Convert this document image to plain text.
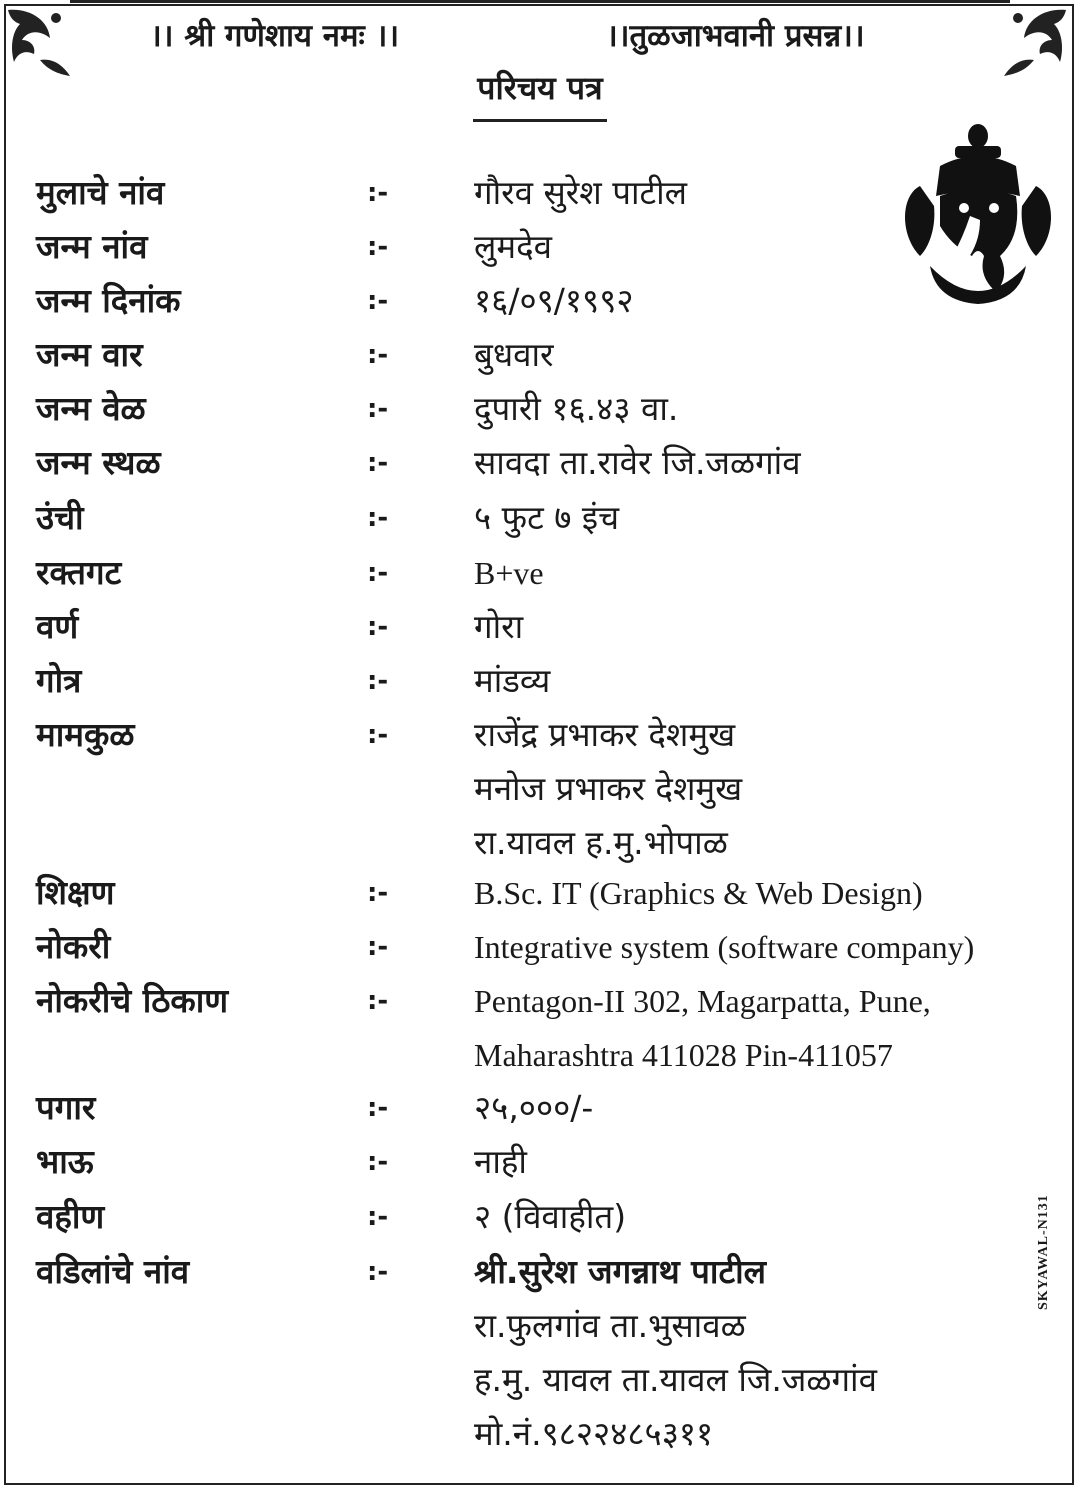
।। श्री गणेशाय नमः ।।	।।तुळजाभवानी प्रसन्न।।
परिचय पत्र
मुलाचे नांव	:-	गौरव सुरेश पाटील
जन्म नांव	:-	लुमदेव
जन्म दिनांक	:-	१६/०९/१९९२
जन्म वार	:-	बुधवार
जन्म वेळ	:-	दुपारी १६.४३ वा.
जन्म स्थळ	:-	सावदा ता.रावेर जि.जळगांव
उंची	:-	५ फुट ७ इंच
रक्तगट	:-	B+ve
वर्ण	:-	गोरा
गोत्र	:-	मांडव्य
मामकुळ	:-	राजेंद्र प्रभाकर देशमुख
मनोज प्रभाकर देशमुख
रा.यावल ह.मु.भोपाळ
शिक्षण	:-	B.Sc. IT (Graphics & Web Design)
नोकरी	:-	Integrative system (software company)
नोकरीचे ठिकाण	:-	Pentagon-II 302, Magarpatta, Pune,
Maharashtra 411028 Pin-411057
पगार	:-	२५,०००/-
भाऊ	:-	नाही
वहीण	:-	२ (विवाहीत)
वडिलांचे नांव	:-	श्री.सुरेश जगन्नाथ पाटील
रा.फुलगांव ता.भुसावळ
ह.मु. यावल ता.यावल जि.जळगांव
मो.नं.९८२२४८५३११
SKYAWAL-N131
